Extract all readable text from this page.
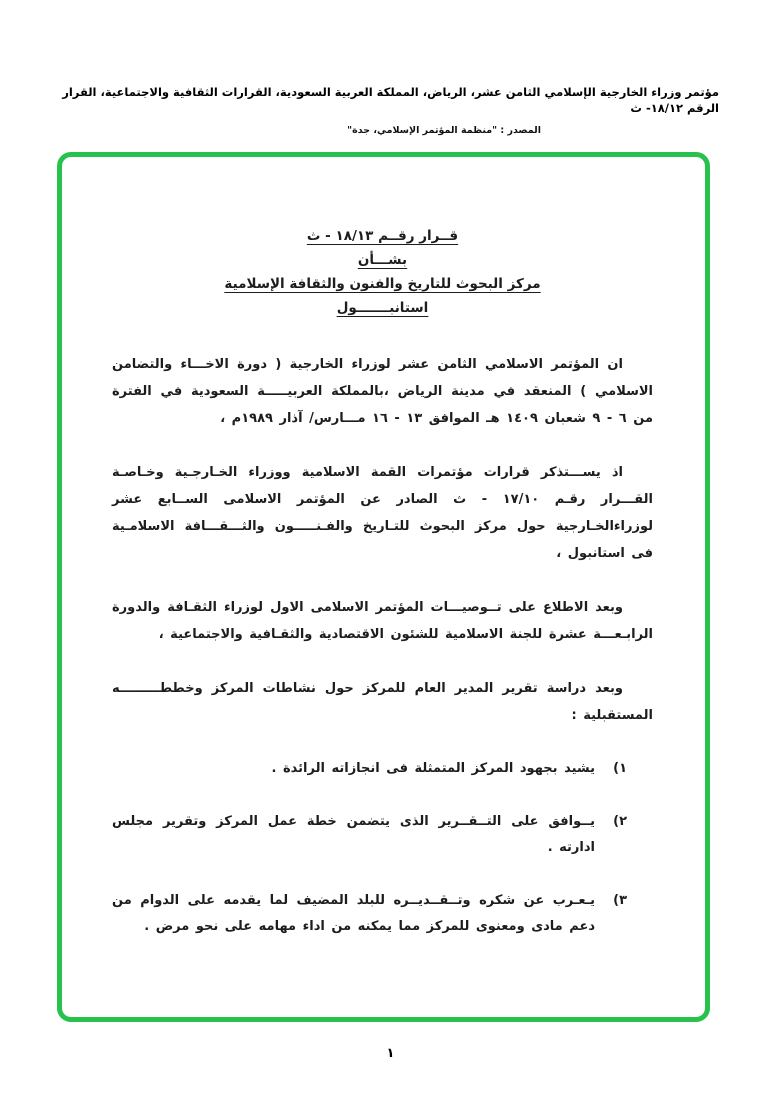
مؤتمر وزراء الخارجية الإسلامي الثامن عشر، الرياض، المملكة العربية السعودية، القرارات الثقافية والاجتماعية، القرار الرقم ١٨/١٢- ث
المصدر : "منظمة المؤتمر الإسلامي، جدة"
قــرار رقــم ١٨/١٣ - ث بشـــأن مركز البحوث للتاريخ والفنون والثقافة الإسلامية استانبـــــــول

ان المؤتمر الاسلامي الثامن عشر لوزراء الخارجية ( دورة الاخـــاء والتضامن الاسلامي ) المنعقد في مدينة الرياض ،بالمملكة العربيـــــة السعودية في الفترة من ٦ - ٩ شعبان ١٤٠٩ هـ الموافق ١٣ - ١٦ مـــارس/ آذار ١٩٨٩م ،

اذ يســـتذكر قرارات مؤتمرات القمة الاسلامية ووزراء الخـارجـية وخـاصـة القـــرار رقـم ١٧/١٠ - ث الصادر عن المؤتمر الاسلامى الســابع عشر لوزراءالخـارجية حول مركز البحوث للتـاريخ والفـنـــــون والثـــقـــافة الاسلامـية فى استانبول ،

وبعد الاطلاع على تــوصيـــات المؤتمر الاسلامى الاول لوزراء الثقـافة والدورة الرابـعـــة عشرة للجنة الاسلامية للشئون الاقتصادية والثقـافية والاجتماعية ،

وبعد دراسة تقرير المدير العام للمركز حول نشاطات المركز وخططـــــــــه المستقبلية :

١)
يشيد بجهود المركز المتمثلة فى انجازاته الرائدة .
٢)
يــوافق على التــقــرير الذى يتضمن خطة عمل المركز وتقرير مجلس ادارته .
٣)
يـعـرب عن شكره وتــقــديــره للبلد المضيف لما يقدمه على الدوام من دعم مادى ومعنوى للمركز مما يمكنه من اداء مهامه على نحو مرض .
١
